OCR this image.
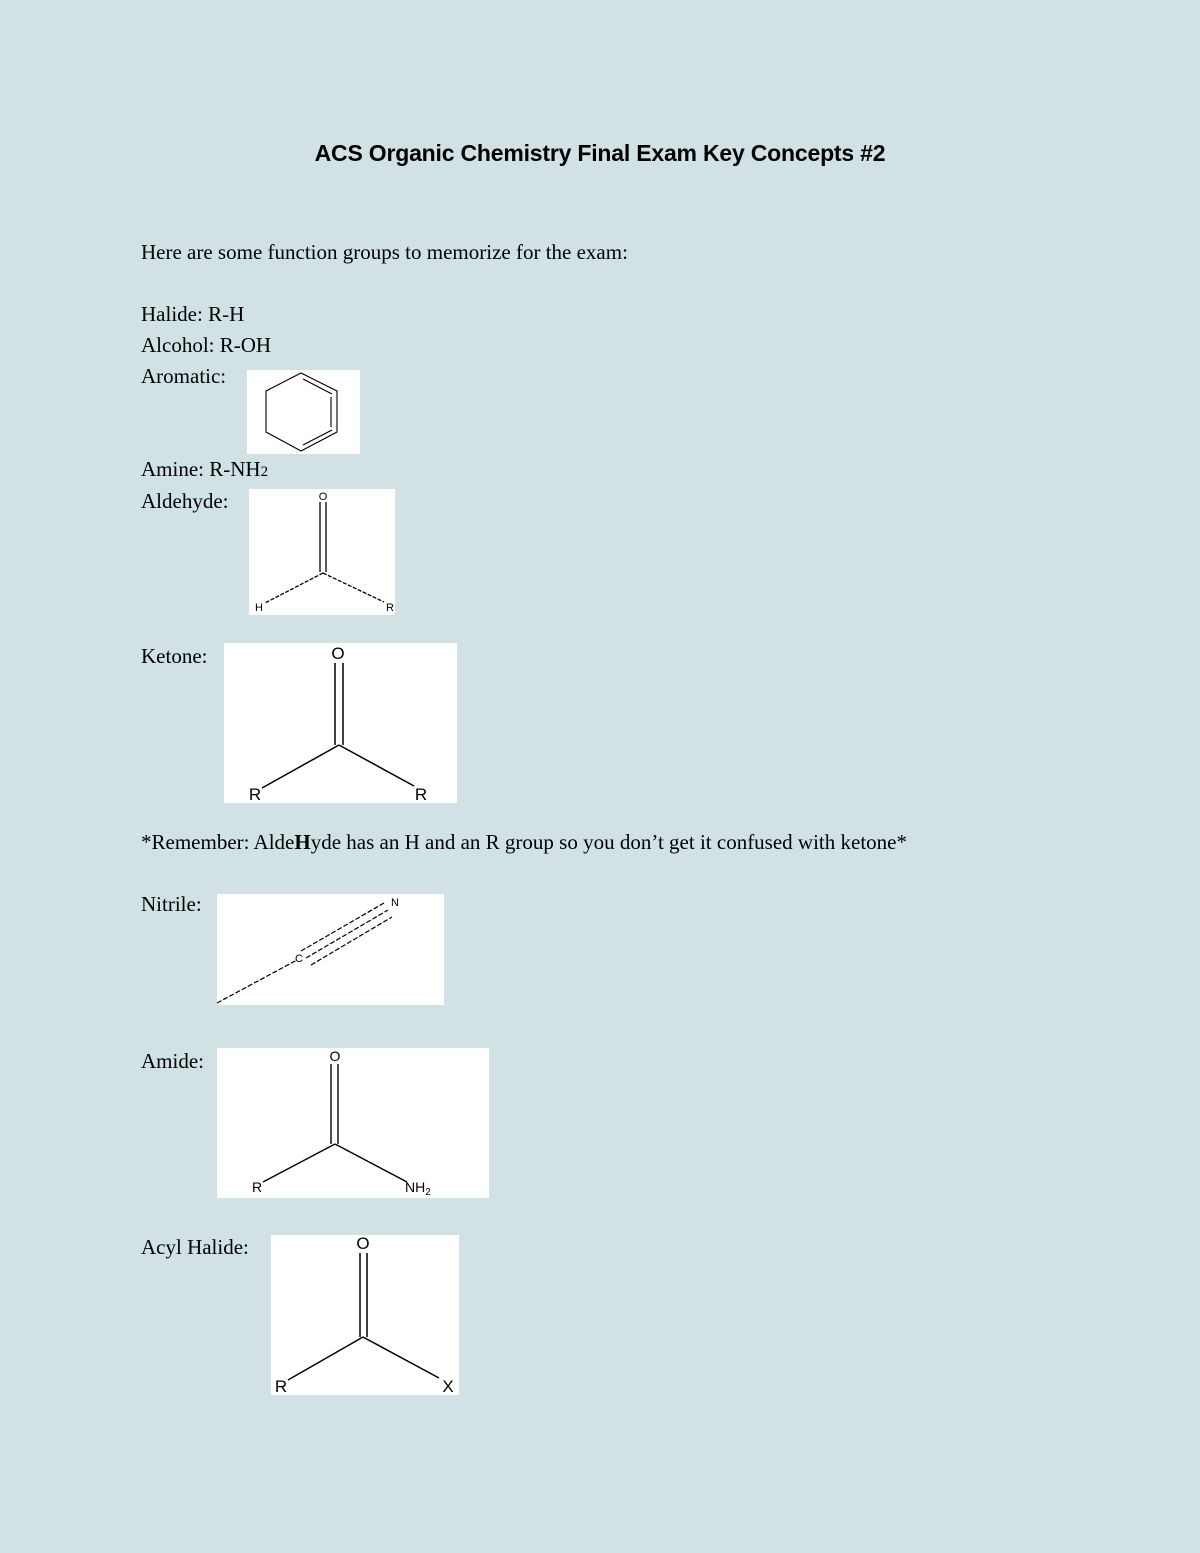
ACS Organic Chemistry Final Exam Key Concepts #2
Here are some function groups to memorize for the exam:
Halide: R-H
Alcohol: R-OH
Aromatic:
Amine: R-NH2
Aldehyde:	O
H	R
Ketone:	O
R	R
*Remember: AldeHyde has an H and an R group so you don’t get it confused with ketone*
Nitrile:
C
N
Amide:	O
R	$NH_2$
Acyl Halide:	O
R	X
